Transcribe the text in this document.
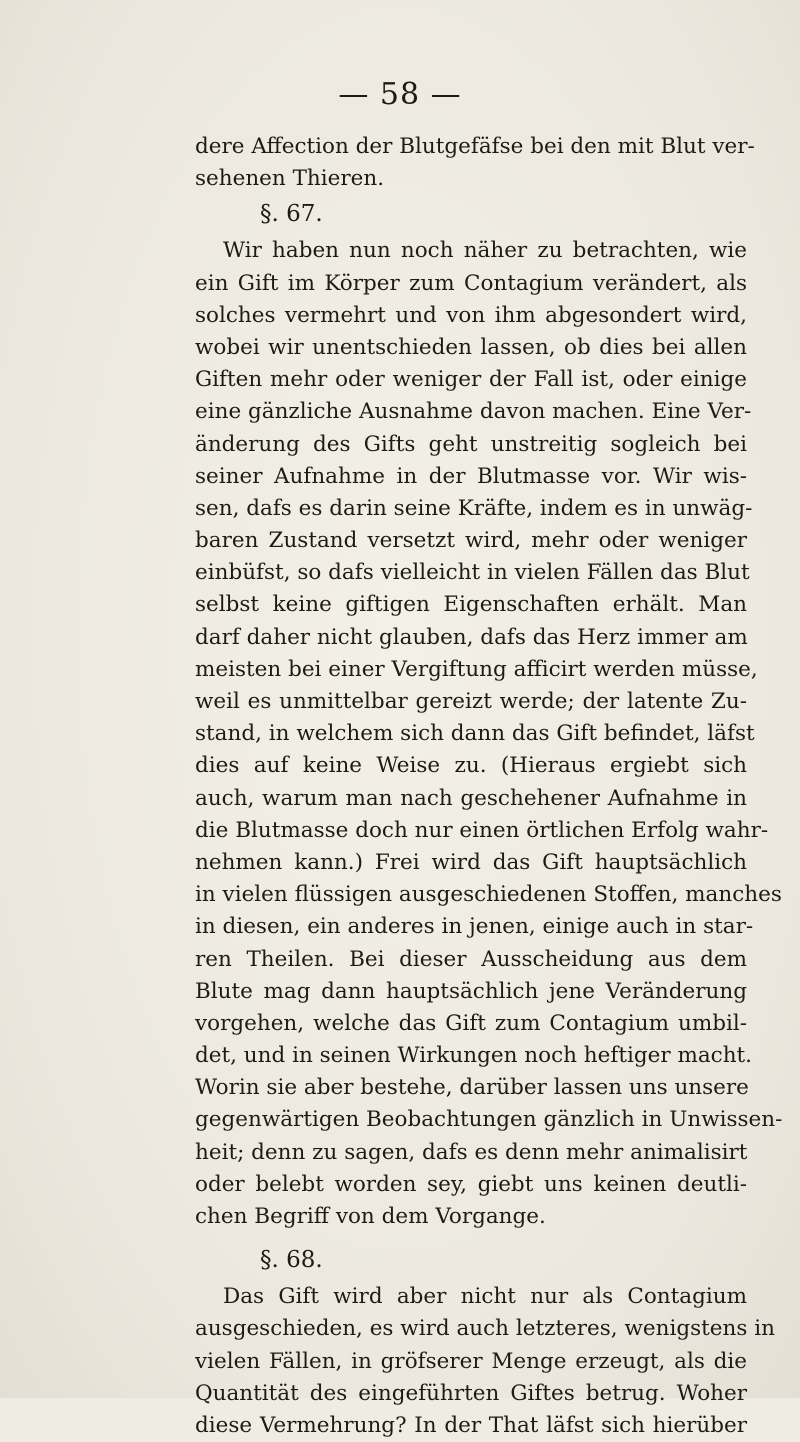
— 58 —
dere Affection der Blutgefäfse bei den mit Blut ver-
sehenen Thieren.
§. 67.
Wir haben nun noch näher zu betrachten, wie
ein Gift im Körper zum Contagium verändert, als
solches vermehrt und von ihm abgesondert wird,
wobei wir unentschieden lassen, ob dies bei allen
Giften mehr oder weniger der Fall ist, oder einige
eine gänzliche Ausnahme davon machen. Eine Ver-
änderung des Gifts geht unstreitig sogleich bei
seiner Aufnahme in der Blutmasse vor. Wir wis-
sen, dafs es darin seine Kräfte, indem es in unwäg-
baren Zustand versetzt wird, mehr oder weniger
einbüfst, so dafs vielleicht in vielen Fällen das Blut
selbst keine giftigen Eigenschaften erhält. Man
darf daher nicht glauben, dafs das Herz immer am
meisten bei einer Vergiftung afficirt werden müsse,
weil es unmittelbar gereizt werde; der latente Zu-
stand, in welchem sich dann das Gift befindet, läfst
dies auf keine Weise zu. (Hieraus ergiebt sich
auch, warum man nach geschehener Aufnahme in
die Blutmasse doch nur einen örtlichen Erfolg wahr-
nehmen kann.) Frei wird das Gift hauptsächlich
in vielen flüssigen ausgeschiedenen Stoffen, manches
in diesen, ein anderes in jenen, einige auch in star-
ren Theilen. Bei dieser Ausscheidung aus dem
Blute mag dann hauptsächlich jene Veränderung
vorgehen, welche das Gift zum Contagium umbil-
det, und in seinen Wirkungen noch heftiger macht.
Worin sie aber bestehe, darüber lassen uns unsere
gegenwärtigen Beobachtungen gänzlich in Unwissen-
heit; denn zu sagen, dafs es denn mehr animalisirt
oder belebt worden sey, giebt uns keinen deutli-
chen Begriff von dem Vorgange.
§. 68.
Das Gift wird aber nicht nur als Contagium
ausgeschieden, es wird auch letzteres, wenigstens in
vielen Fällen, in gröfserer Menge erzeugt, als die
Quantität des eingeführten Giftes betrug. Woher
diese Vermehrung? In der That läfst sich hierüber
